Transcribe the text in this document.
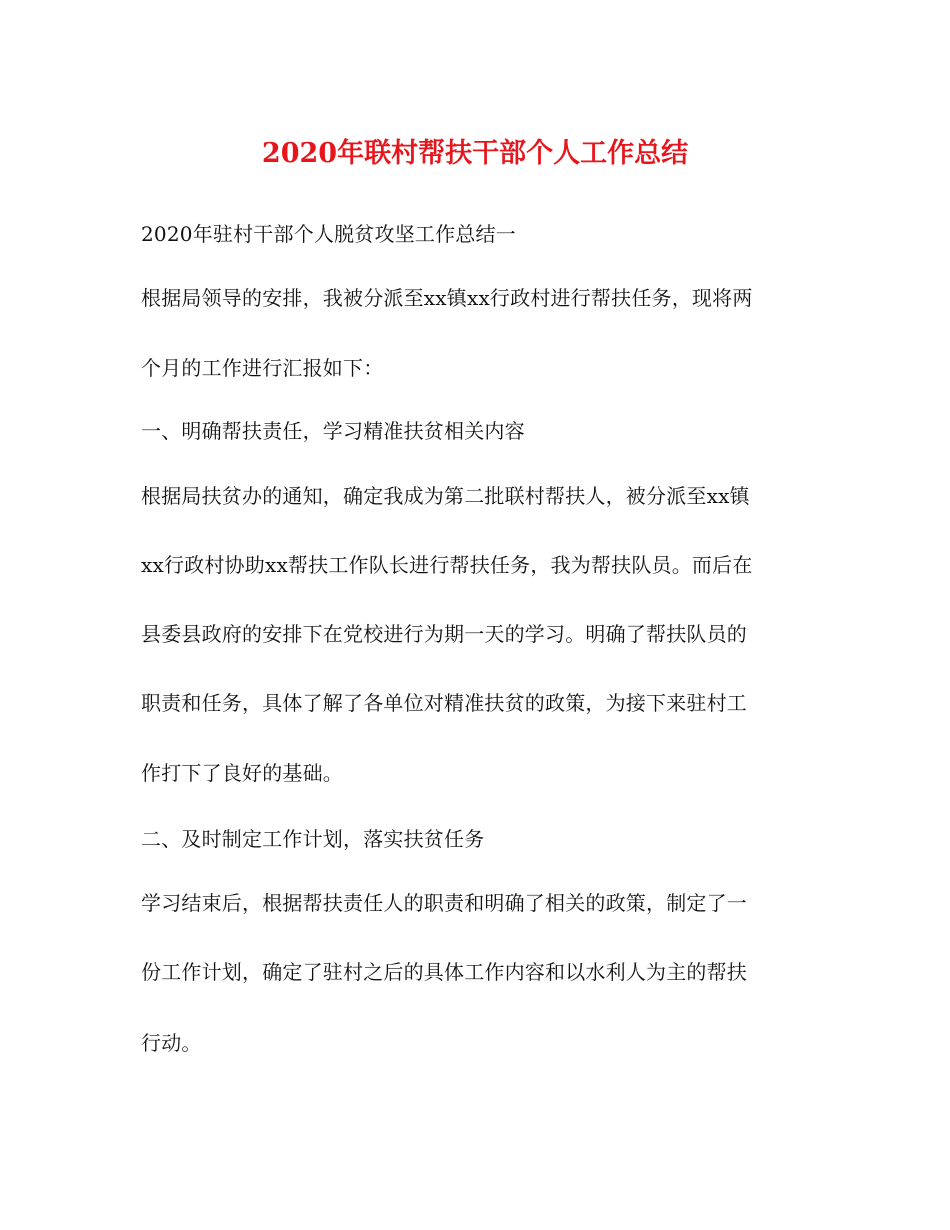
2020年联村帮扶干部个人工作总结
2020年驻村干部个人脱贫攻坚工作总结一
根据局领导的安排，我被分派至xx镇xx行政村进行帮扶任务，现将两
个月的工作进行汇报如下：
一、明确帮扶责任，学习精准扶贫相关内容
根据局扶贫办的通知，确定我成为第二批联村帮扶人，被分派至xx镇
xx行政村协助xx帮扶工作队长进行帮扶任务，我为帮扶队员。而后在
县委县政府的安排下在党校进行为期一天的学习。明确了帮扶队员的
职责和任务，具体了解了各单位对精准扶贫的政策，为接下来驻村工
作打下了良好的基础。
二、及时制定工作计划，落实扶贫任务
学习结束后，根据帮扶责任人的职责和明确了相关的政策，制定了一
份工作计划，确定了驻村之后的具体工作内容和以水利人为主的帮扶
行动。
